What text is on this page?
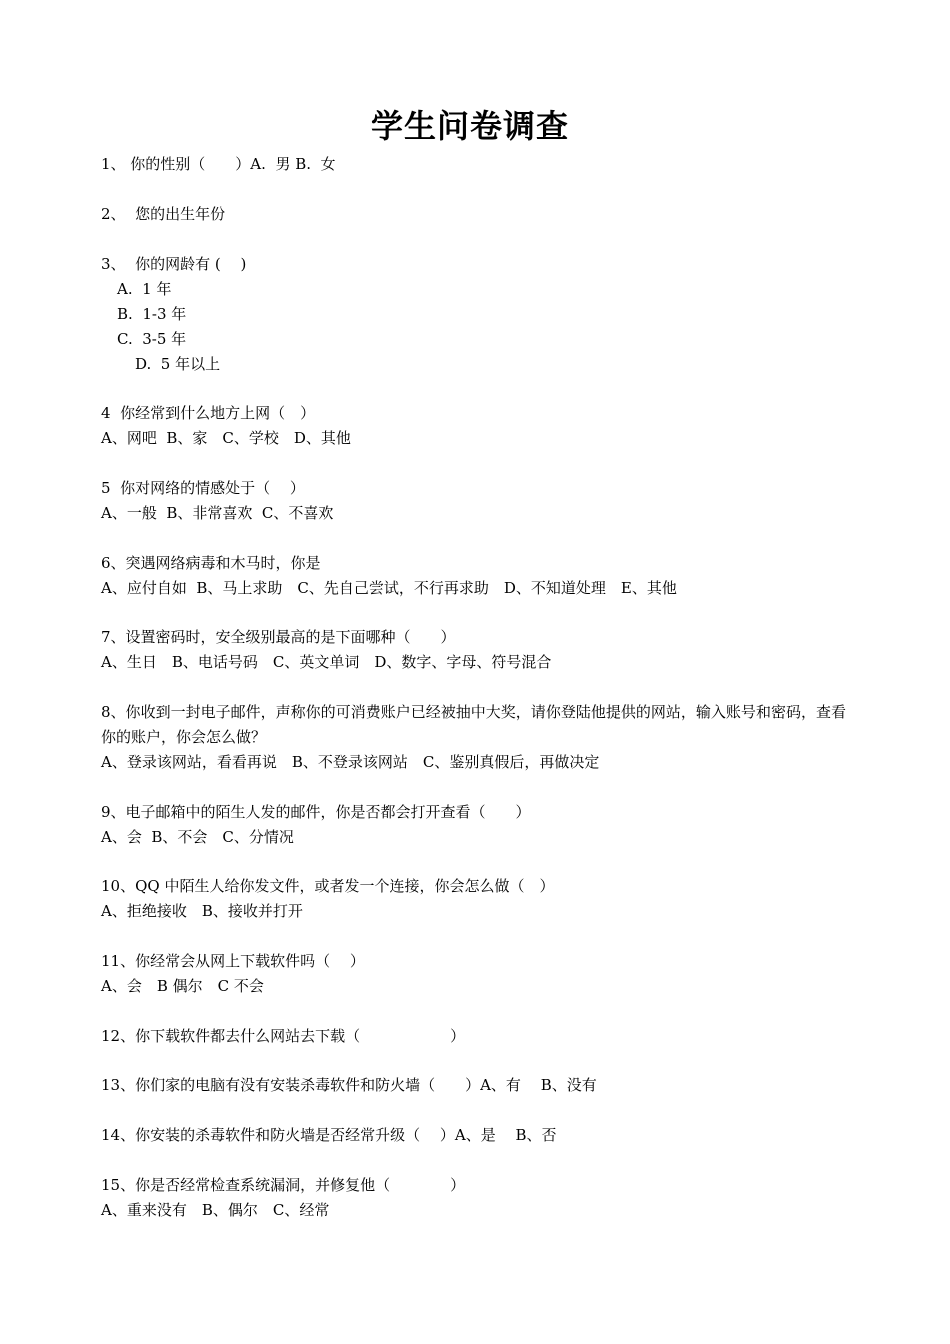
学生问卷调查
1、 你的性别（　　）A.  男 B.  女
2、  您的出生年份
3、  你的网龄有 (　 )
A.  1 年
B.  1-3 年
C.  3-5 年
D.  5 年以上
4  你经常到什么地方上网（　）
A、网吧  B、家　C、学校　D、其他
5  你对网络的情感处于（　 ）
A、一般  B、非常喜欢  C、不喜欢
6、突遇网络病毒和木马时，你是
A、应付自如  B、马上求助　C、先自己尝试，不行再求助　D、不知道处理　E、其他
7、设置密码时，安全级别最高的是下面哪种（　　）
A、生日　B、电话号码　C、英文单词　D、数字、字母、符号混合
8、你收到一封电子邮件，声称你的可消费账户已经被抽中大奖，请你登陆他提供的网站，输入账号和密码，查看你的账户，你会怎么做？
A、登录该网站，看看再说　B、不登录该网站　C、鉴别真假后，再做决定
9、电子邮箱中的陌生人发的邮件，你是否都会打开查看（　　）
A、会  B、不会　C、分情况
10、QQ 中陌生人给你发文件，或者发一个连接，你会怎么做（　）
A、拒绝接收　B、接收并打开
11、你经常会从网上下载软件吗（　 ）
A、会　B 偶尔　C 不会
12、你下载软件都去什么网站去下载（　　　　　　）
13、你们家的电脑有没有安装杀毒软件和防火墙（　　）A、有　 B、没有
14、你安装的杀毒软件和防火墙是否经常升级（　 ）A、是　 B、否
15、你是否经常检查系统漏洞，并修复他（　　　　）
A、重来没有　B、偶尔　C、经常
